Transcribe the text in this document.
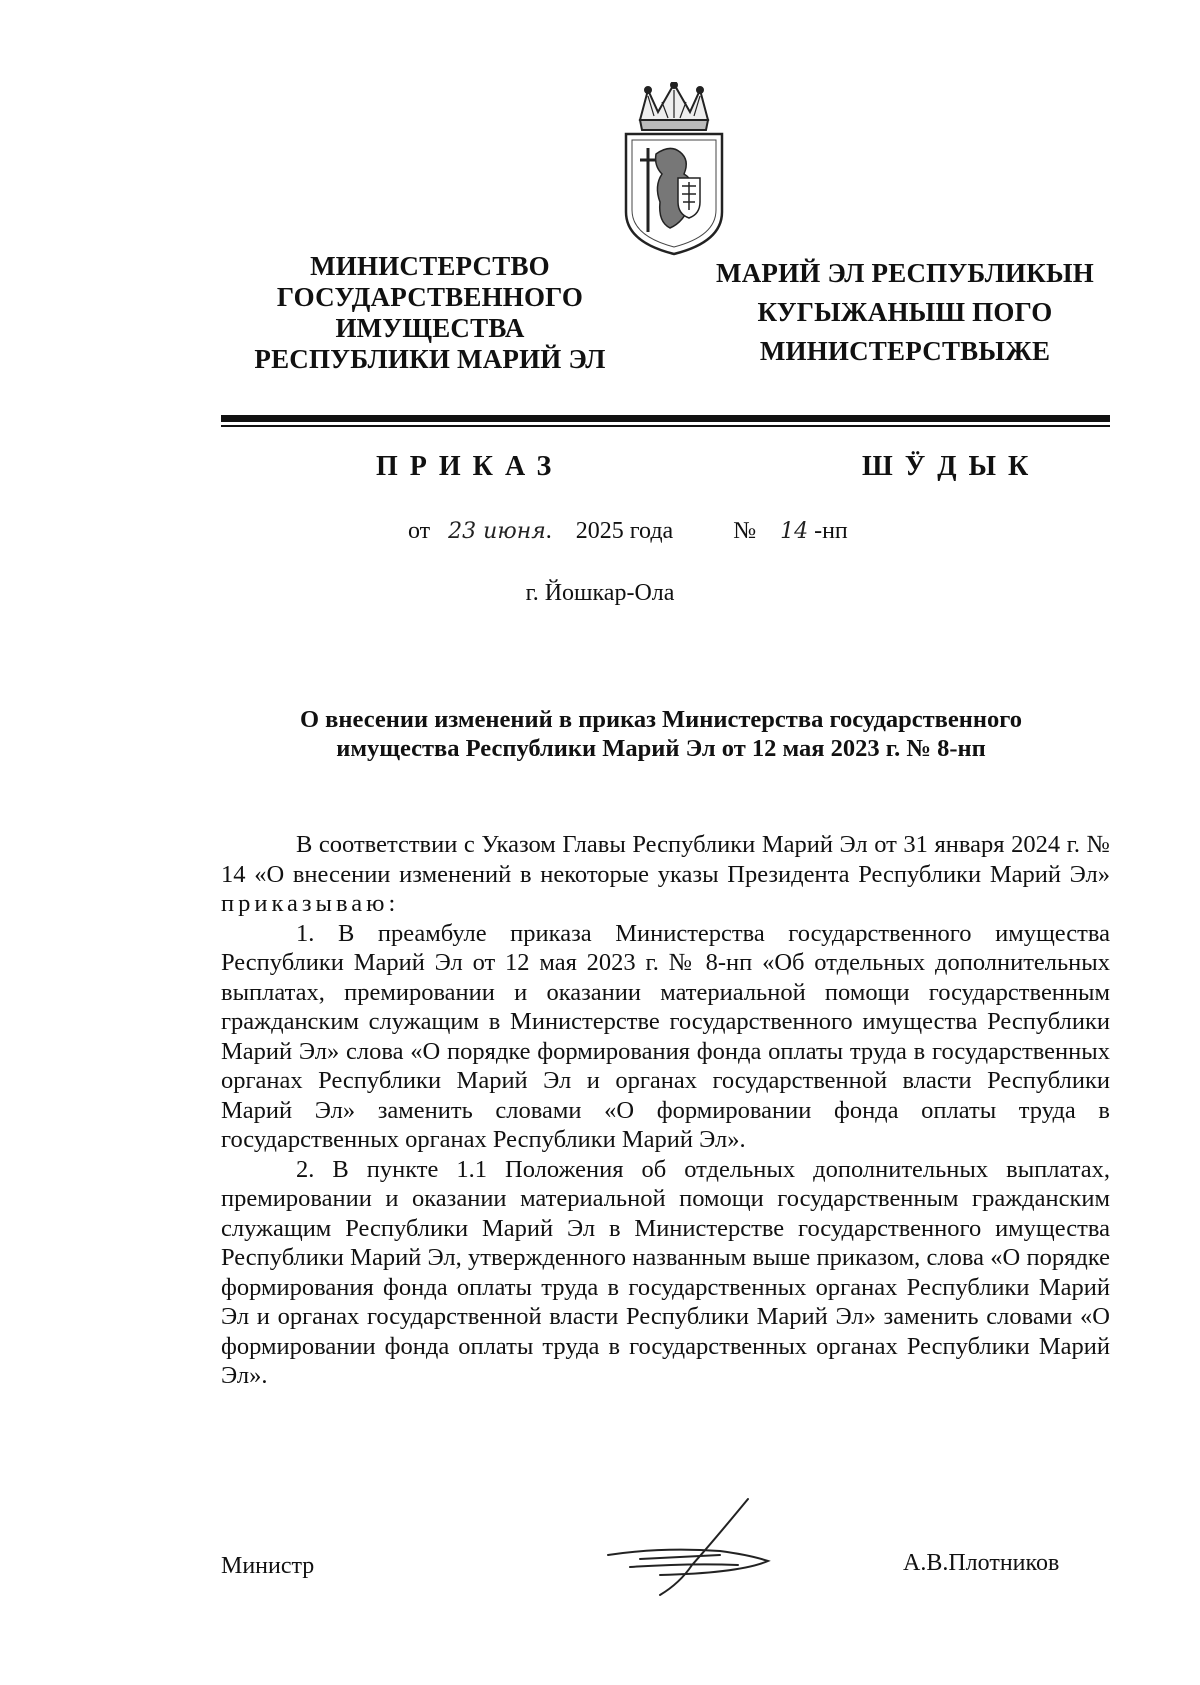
МИНИСТЕРСТВО
ГОСУДАРСТВЕННОГО
ИМУЩЕСТВА
РЕСПУБЛИКИ МАРИЙ ЭЛ
МАРИЙ ЭЛ РЕСПУБЛИКЫН
КУГЫЖАНЫШ ПОГО
МИНИСТЕРСТВЫЖЕ
ПРИКАЗ	ШӰДЫК
от 23 июня.    2025 года	№ 14 -нп
г. Йошкар-Ола
О внесении изменений в приказ Министерства государственного
имущества Республики Марий Эл от 12 мая 2023 г. № 8-нп

В соответствии с Указом Главы Республики Марий Эл от 31 января 2024 г. № 14 «О внесении изменений в некоторые указы Президента Республики Марий Эл» приказываю:

1. В преамбуле приказа Министерства государственного имущества Республики Марий Эл от 12 мая 2023 г. № 8-нп «Об отдельных дополнительных выплатах, премировании и оказании материальной помощи государственным гражданским служащим в Министерстве государственного имущества Республики Марий Эл» слова «О порядке формирования фонда оплаты труда в государственных органах Республики Марий Эл и органах государственной власти Республики Марий Эл» заменить словами «О формировании фонда оплаты труда в государственных органах Республики Марий Эл».

2. В пункте 1.1 Положения об отдельных дополнительных выплатах, премировании и оказании материальной помощи государственным гражданским служащим Республики Марий Эл в Министерстве государственного имущества Республики Марий Эл, утвержденного названным выше приказом, слова «О порядке формирования фонда оплаты труда в государственных органах Республики Марий Эл и органах государственной власти Республики Марий Эл» заменить словами «О формировании фонда оплаты труда в государственных органах Республики Марий Эл».

Министр	А.В.Плотников
